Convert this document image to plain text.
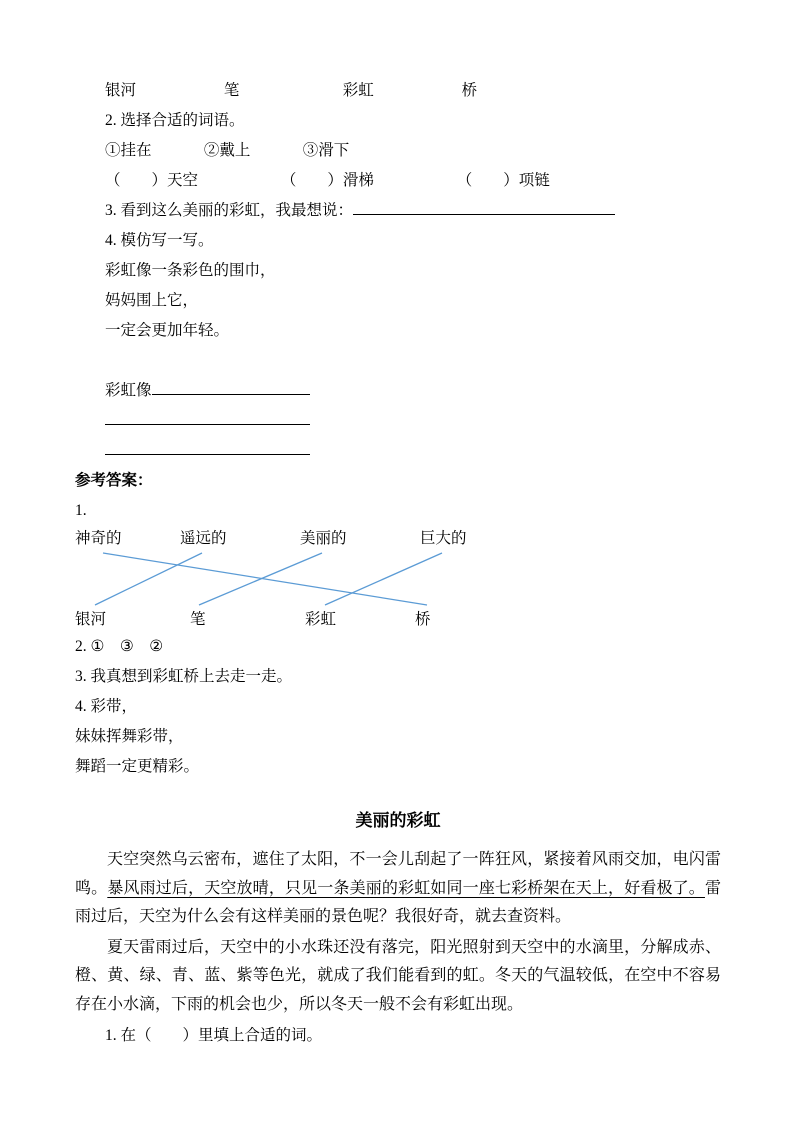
银河	笔	彩虹	桥
2. 选择合适的词语。
①挂在	②戴上	③滑下
（　　）天空	（　　）滑梯	（　　）项链
3. 看到这么美丽的彩虹，我最想说：
4. 模仿写一写。
彩虹像一条彩色的围巾，
妈妈围上它，
一定会更加年轻。
彩虹像
参考答案：
1.
神奇的	遥远的	美丽的	巨大的
银河	笔	彩虹	桥
2. ①　③　②
3. 我真想到彩虹桥上去走一走。
4. 彩带，
妹妹挥舞彩带，
舞蹈一定更精彩。
美丽的彩虹

天空突然乌云密布，遮住了太阳，不一会儿刮起了一阵狂风，紧接着风雨交加，电闪雷鸣。暴风雨过后，天空放晴，只见一条美丽的彩虹如同一座七彩桥架在天上，好看极了。雷雨过后，天空为什么会有这样美丽的景色呢？我很好奇，就去查资料。

夏天雷雨过后，天空中的小水珠还没有落完，阳光照射到天空中的水滴里，分解成赤、橙、黄、绿、青、蓝、紫等色光，就成了我们能看到的虹。冬天的气温较低，在空中不容易存在小水滴，下雨的机会也少，所以冬天一般不会有彩虹出现。

1. 在（　　）里填上合适的词。
